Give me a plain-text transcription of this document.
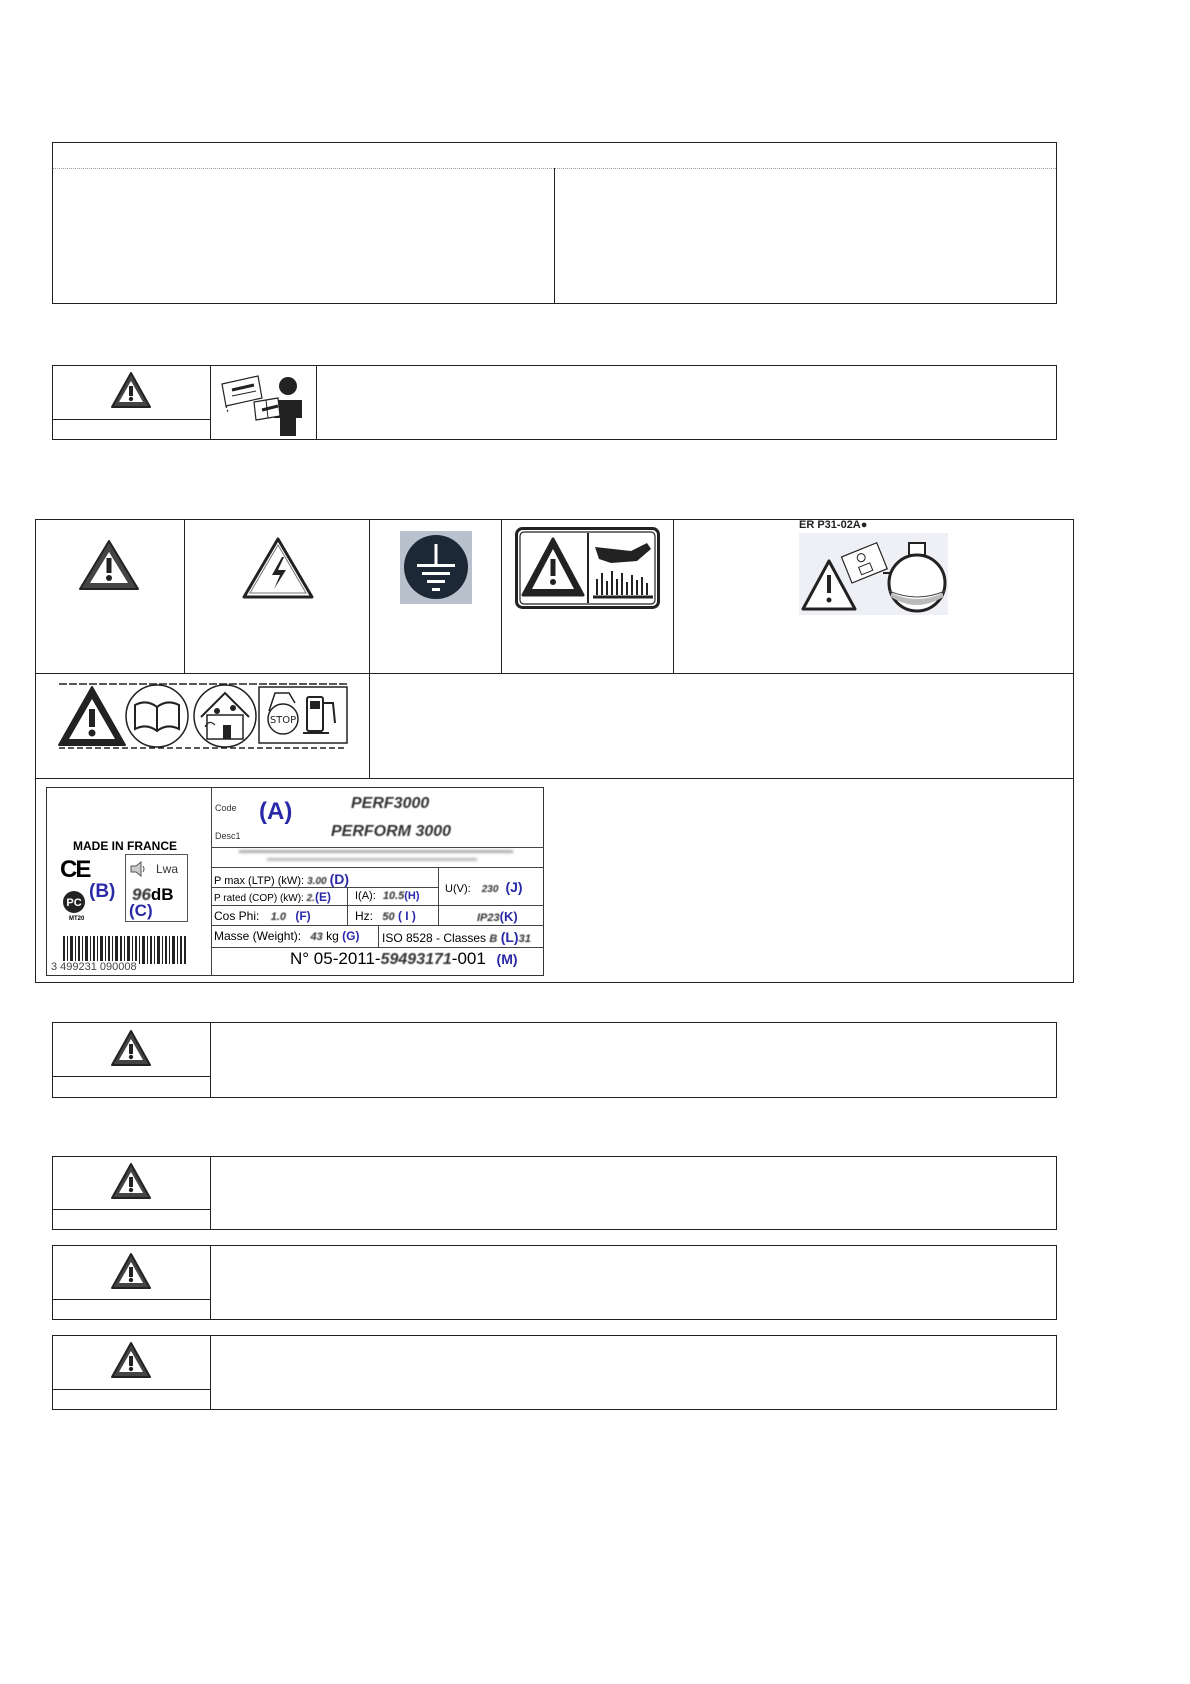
ER P31-02A●
STOP
MADE IN FRANCE
CE
PC
MT20
(B)
Lwa
96dB
(C)
3 499231 090008
Code (A)	PERF3000
Desc1	PERFORM 3000
P max (LTP) (kW): 3.00 (D)
P rated (COP) (kW): 2.(E) I(A): 10.5(H)
U(V): 230 (J)
Cos Phi: 1.0 (F)	Hz: 50 ( I )	IP23(K)
Masse (Weight): 43 kg (G) ISO 8528 - Classes B (L)31
N° 05-2011-59493171-001 (M)
